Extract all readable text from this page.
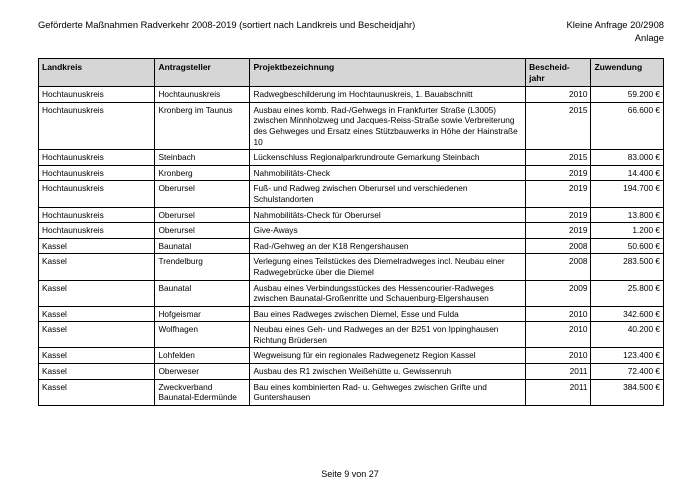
Geförderte Maßnahmen Radverkehr 2008-2019 (sortiert nach Landkreis und Bescheidjahr)	Kleine Anfrage 20/2908
Anlage
Landkreis	Antragsteller	Projektbezeichnung	Bescheid-
jahr	Zuwendung
Hochtaunuskreis	Hochtaunuskreis	Radwegbeschilderung im Hochtaunuskreis, 1. Bauabschnitt	2010	59.200 €
Hochtaunuskreis	Kronberg im Taunus	Ausbau eines komb. Rad-/Gehwegs in Frankfurter Straße (L3005) zwischen Minnholzweg und Jacques-Reiss-Straße sowie Verbreiterung des Gehweges und Ersatz eines Stützbauwerks in Höhe der Hainstraße 10	2015	66.600 €
Hochtaunuskreis	Steinbach	Lückenschluss Regionalparkrundroute Gemarkung Steinbach	2015	83.000 €
Hochtaunuskreis	Kronberg	Nahmobilitäts-Check	2019	14.400 €
Hochtaunuskreis	Oberursel	Fuß- und Radweg zwischen Oberursel und verschiedenen Schulstandorten	2019	194.700 €
Hochtaunuskreis	Oberursel	Nahmobilitäts-Check für Oberursel	2019	13.800 €
Hochtaunuskreis	Oberursel	Give-Aways	2019	1.200 €
Kassel	Baunatal	Rad-/Gehweg an der K18 Rengershausen	2008	50.600 €
Kassel	Trendelburg	Verlegung eines Teilstückes des Diemelradweges incl. Neubau einer Radwegebrücke über die Diemel	2008	283.500 €
Kassel	Baunatal	Ausbau eines Verbindungsstückes des Hessencourier-Radweges zwischen Baunatal-Großenritte und Schauenburg-Elgershausen	2009	25.800 €
Kassel	Hofgeismar	Bau eines Radweges zwischen Diemel, Esse und Fulda	2010	342.600 €
Kassel	Wolfhagen	Neubau eines Geh- und Radweges an der B251 von Ippinghausen Richtung Brüdersen	2010	40.200 €
Kassel	Lohfelden	Wegweisung für ein regionales Radwegenetz Region Kassel	2010	123.400 €
Kassel	Oberweser	Ausbau des R1 zwischen Weißehütte u. Gewissenruh	2011	72.400 €
Kassel	Zweckverband Baunatal-Edermünde	Bau eines kombinierten Rad- u. Gehweges zwischen Grifte und Guntershausen	2011	384.500 €
Seite 9 von 27
